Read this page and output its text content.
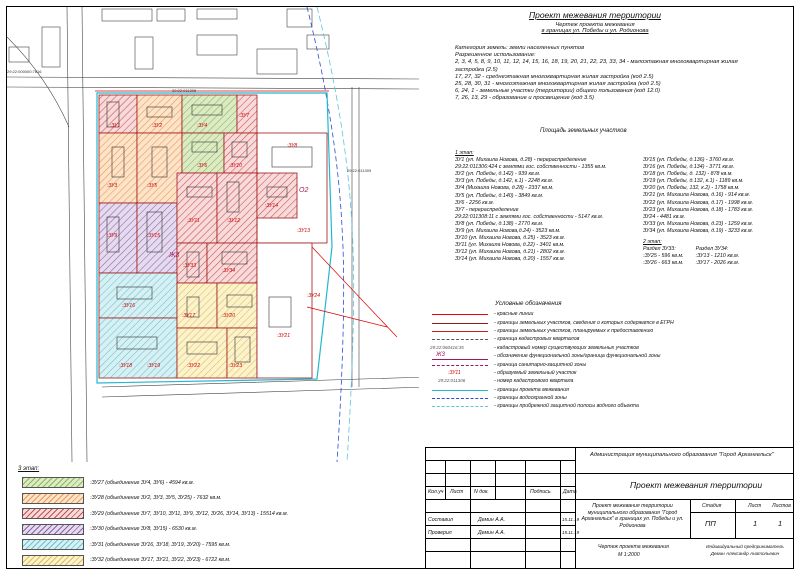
:ЗУ1	:ЗУ2	:ЗУ4
:ЗУ7
:ЗУ3	:ЗУ5
:ЗУ6	:ЗУ10
:ЗУ8
:ЗУ9	:ЗУ15
:ЗУ11	:ЗУ12
:ЗУ14
:ЗУ13
:ЗУ33
:ЗУ34
:ЗУ16
:ЗУ18	:ЗУ19
:ЗУ17	:ЗУ20
:ЗУ22	:ЗУ23
:ЗУ21
:ЗУ24
Ж3
О2
29:22:011306
29:22:011309
29:22:000000:7816
Проект межевания территории
Чертеж проекта межевания
в границах ул. Победы и ул. Родионова
Категория земель: земли населенных пунктов
Разрешенное использование:
2, 3, 4, 5, 8, 9, 10, 11, 12, 14, 15, 16, 18, 19, 20, 21, 22, 23, 33, 34 - малоэтажная многоквартирная жилая
застройка (2.5)
17, 27, 32 - среднеэтажная многоквартирная жилая застройка (код 2.5)
25, 28, 30, 31 - многоэтажная многоквартирная жилая застройка (код 2.5)
6, 24, 1 - земельные участки (территории) общего пользования (код 12.0)
7, 26, 13, 29 - образование и просвещение (код 3.5)
Площадь земельных участков
1 этап:
ЗУ1 (ул. Михаила Новова, д.28) - перераспределение
29:22:011306:424 с землями гос. собственности - 1355 кв.м.
ЗУ2 (ул. Победы, д.142) - 939 кв.м.
ЗУ3 (ул. Победы, д.142, к.1) - 2248 кв.м.
ЗУ4 (Михаила Новова, д.28) - 2337 кв.м.
ЗУ5 (ул. Победы, д.140) - 3849 кв.м.
ЗУ6 - 2256 кв.м.
ЗУ7 - перераспределение
29:22:011308:11 с землями гос. собственности - 5147 кв.м.
ЗУ8 (ул. Победы, д.138) - 2770 кв.м.
ЗУ9 (ул. Михаила Новова,д.24) - 3523 кв.м.
ЗУ10 (ул. Михаила Новова, д.25) - 3523 кв.м.
ЗУ11 (ул. Михаила Новова, д.22) - 3401 кв.м.
ЗУ12 (ул. Михаила Новова, д.21) - 2802 кв.м.
ЗУ14 (ул. Михаила Новова, д.20) - 1557 кв.м.
ЗУ15 (ул. Победы, д.136) - 3760 кв.м.
ЗУ16 (ул. Победы, д.134) - 3771 кв.м.
ЗУ18 (ул. Победы, д. 132) - 878 кв.м.
ЗУ19 (ул. Победы, д.132, к.1) - 1189 кв.м.
ЗУ20 (ул. Победы, 132, к.2) - 1758 кв.м.
ЗУ21 (ул. Михаила Новова, д.16) - 914 кв.м.
ЗУ22 (ул. Михаила Новова, д.17) - 1998 кв.м.
ЗУ23 (ул. Михаила Новова, д.18) - 1783 кв.м.
ЗУ24 - 4481 кв.м.
ЗУ33 (ул. Михаила Новова, д.23) - 1259 кв.м.
ЗУ34 (ул. Михаила Новова, д.19) - 3233 кв.м.
2 этап:
Раздел ЗУ33:
:ЗУ25 - 596 кв.м.
:ЗУ26 - 663 кв.м.
Раздел ЗУ34:
:ЗУ13 - 1210 кв.м.
:ЗУ17 - 2026 кв.м.
Условные обозначения
- красные линии
- границы земельных участков, сведения о которых содержатся в ЕГРН
- границы земельных участков, планируемых к предоставлению
- граница кадастровых кварталов
29:22:060416:35	- кадастровый номер существующих земельных участков
Ж3	- обозначение функциональной зоны/граница функциональной зоны
- граница санитарно-защитной зоны
:ЗУ11	- образуемый земельный участок
29:22:011306	- номер кадастрового квартала
- границы проекта межевания
- границы водоохранной зоны
- границы прибрежной защитной полосы водного объекта
3 этап:
:ЗУ27 (объединение ЗУ4, ЗУ6) - 4594 кв.м.
:ЗУ28 (объединение ЗУ2, ЗУ3, ЗУ5, ЗУ25) - 7632 кв.м.
:ЗУ29 (объединение ЗУ7, ЗУ10, ЗУ11, ЗУ9, ЗУ12, ЗУ26, ЗУ14, ЗУ13) - 15514 кв.м.
:ЗУ30 (объединение ЗУ8, ЗУ15) - 6530 кв.м.
:ЗУ31 (объединение ЗУ16, ЗУ18, ЗУ19, ЗУ20) - 7595 кв.м.
:ЗУ32 (объединение ЗУ17, ЗУ21, ЗУ22, ЗУ23) - 6722 кв.м.
Администрация муниципального образования "Город Архангельск"
Проект межевания территории
Кол.уч Лист N док.	Подпись Дата
Проект межевания территории муниципального образования "Город Архангельск" в границах ул. Победы и ул. Родионова
Стадия	Лист Листов
ПП	1	1
Составил	Демин А.А.	15.11.19
Проверил	Демин А.А.	15.11.19
Чертеж проекта межевания
М 1:2000
Индивидуальный предприниматель Демин Александр Анатольевич
